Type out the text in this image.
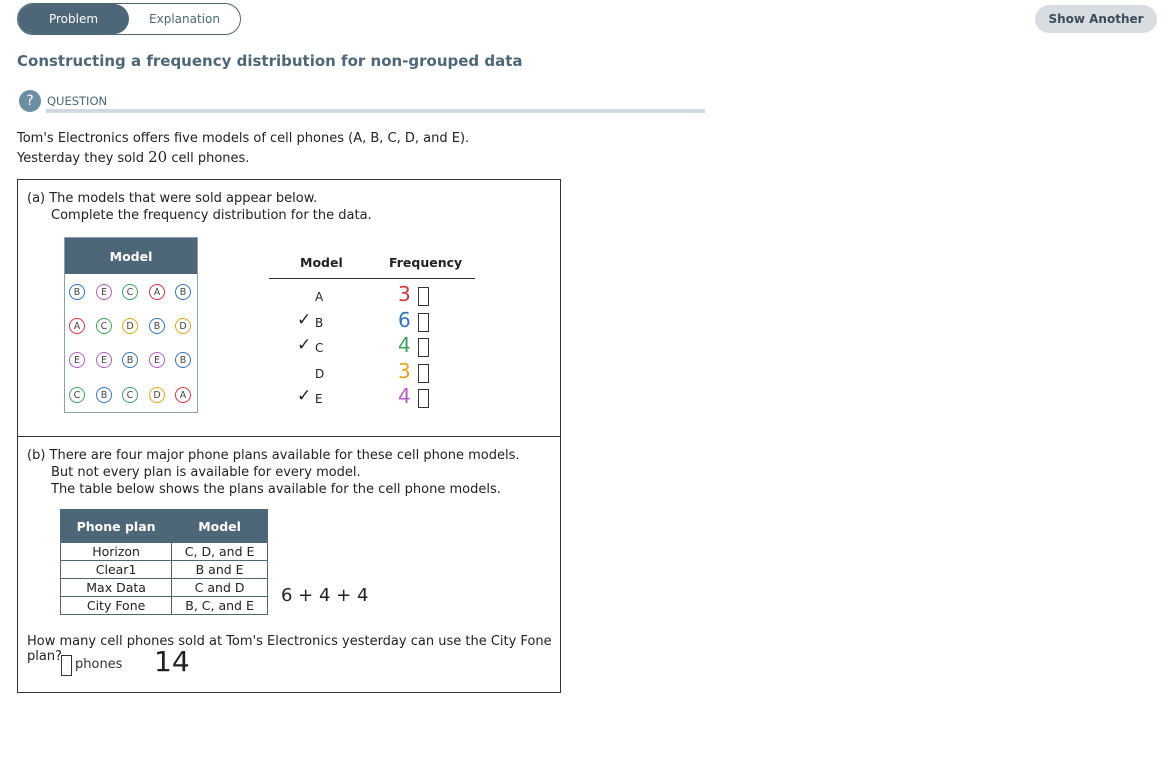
Problem	Explanation	Show Another
Constructing a frequency distribution for non-grouped data
?	QUESTION
Tom's Electronics offers five models of cell phones (A, B, C, D, and E).
Yesterday they sold 20 cell phones.
(a) The models that were sold appear below.
Complete the frequency distribution for the data.
Model
B	E	C	A	B
A	C	D	B	D
E	E	B	E	B
C	B	C	D	A
Model	Frequency
A	3
✓ B	6
✓ C	4
D	3
✓ E	4
(b) There are four major phone plans available for these cell phone models.
But not every plan is available for every model.
The table below shows the plans available for the cell phone models.
Phone plan	Model
Horizon	C, D, and E
Clear1	B and E
Max Data	C and D
City Fone	B, C, and E 6 + 4 + 4
How many cell phones sold at Tom's Electronics yesterday can use the City Fone plan?
phones 14
